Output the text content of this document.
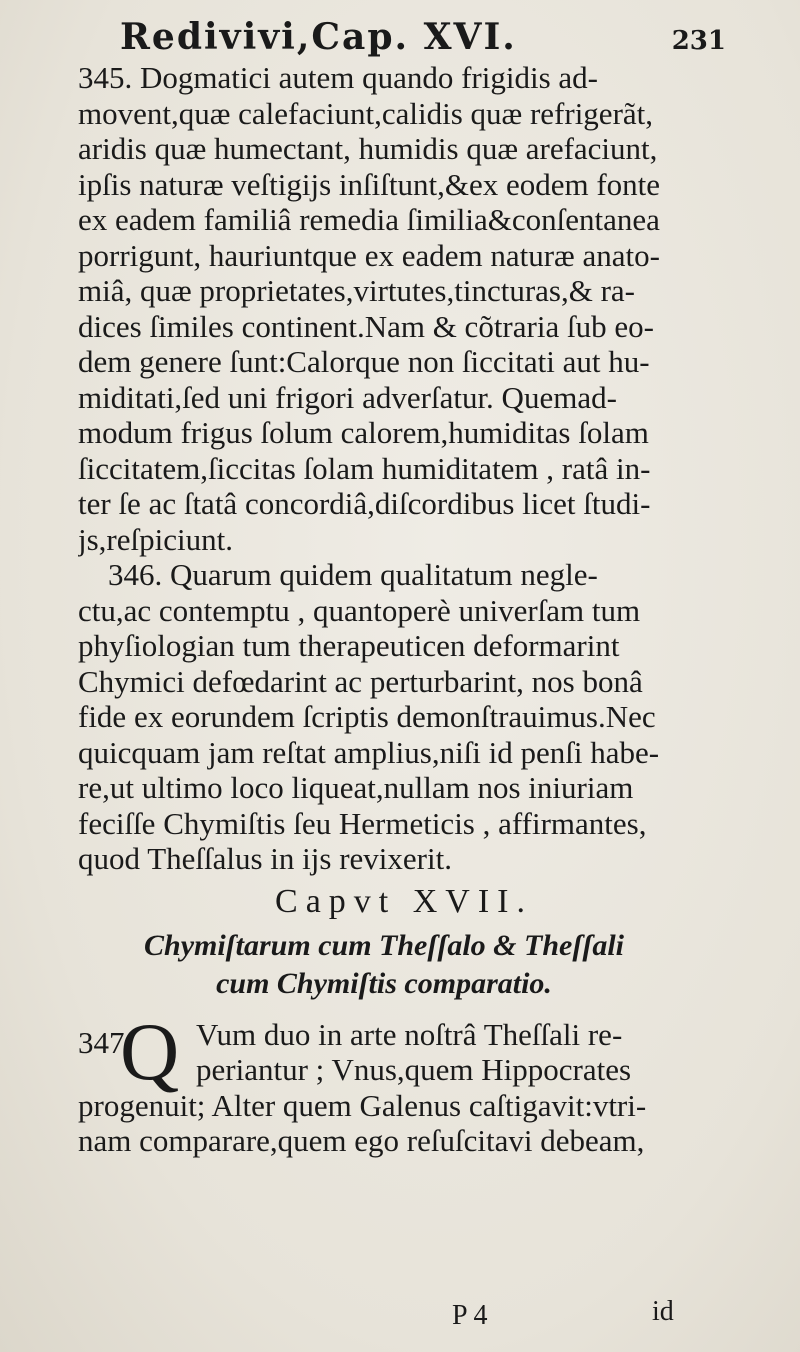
Redivivi,Cap. XVI.	231
345. Dogmatici autem quando frigidis ad-
movent,quæ calefaciunt,calidis quæ refrigerãt,
aridis quæ humectant, humidis quæ arefaciunt,
ipſis naturæ veſtigijs inſiſtunt,&ex eodem fonte
ex eadem familiâ remedia ſimilia&conſentanea
porrigunt, hauriuntque ex eadem naturæ anato-
miâ, quæ proprietates,virtutes,tincturas,& ra-
dices ſimiles continent.Nam & cõtraria ſub eo-
dem genere ſunt:Calorque non ſiccitati aut hu-
miditati,ſed uni frigori adverſatur. Quemad-
modum frigus ſolum calorem,humiditas ſolam
ſiccitatem,ſiccitas ſolam humiditatem , ratâ in-
ter ſe ac ſtatâ concordiâ,diſcordibus licet ſtudi-
js,reſpiciunt.
346. Quarum quidem qualitatum negle-
ctu,ac contemptu , quantoperè univerſam tum
phyſiologian tum therapeuticen deformarint
Chymici defœdarint ac perturbarint, nos bonâ
fide ex eorundem ſcriptis demonſtrauimus.Nec
quicquam jam reſtat amplius,niſi id penſi habe-
re,ut ultimo loco liqueat,nullam nos iniuriam
feciſſe Chymiſtis ſeu Hermeticis , affirmantes,
quod Theſſalus in ijs revixerit.
Capvt XVII.
Chymiſtarum cum Theſſalo & Theſſali
cum Chymiſtis comparatio.
347.
Q Vum duo in arte noſtrâ Theſſali re-
periantur ; Vnus,quem Hippocrates
progenuit; Alter quem Galenus caſtigavit:vtri-
nam comparare,quem ego reſuſcitavi debeam,
P 4	id
